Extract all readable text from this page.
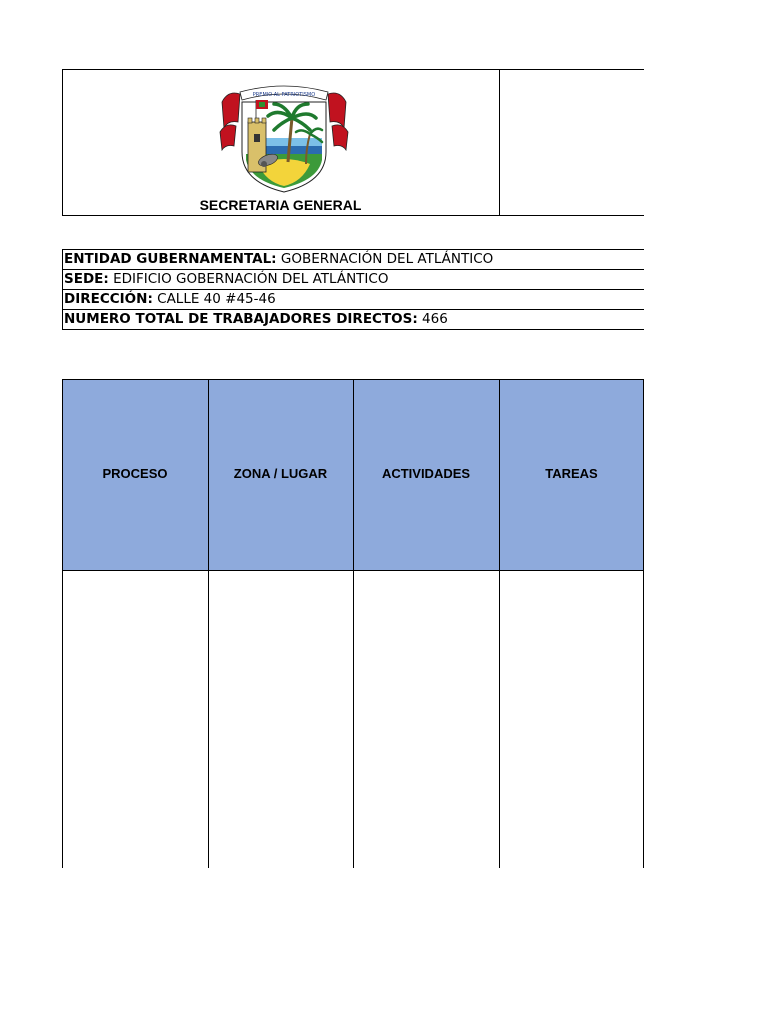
PREMIO AL PATRIOTISMO
SECRETARIA GENERAL
ENTIDAD GUBERNAMENTAL: GOBERNACIÓN DEL ATLÁNTICO
SEDE: EDIFICIO GOBERNACIÓN DEL ATLÁNTICO
DIRECCIÓN: CALLE 40 #45-46
NUMERO TOTAL DE TRABAJADORES DIRECTOS: 466
PROCESO	ZONA / LUGAR	ACTIVIDADES	TAREAS
